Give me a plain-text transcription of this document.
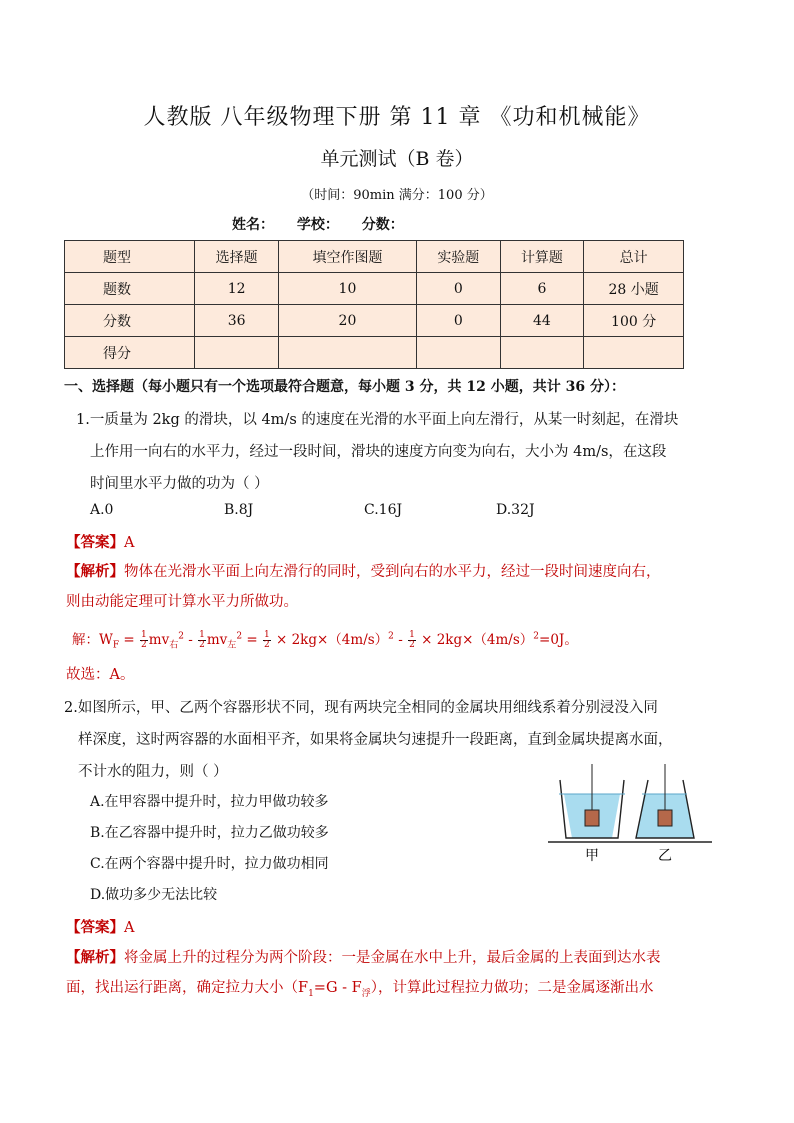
人教版 八年级物理下册 第 11 章 《功和机械能》
单元测试（B 卷）
（时间：90min 满分：100 分）
姓名： 学校： 分数：
题型	选择题	填空作图题	实验题	计算题	总计
题数	12	10	0	6	28 小题
分数	36	20	0	44	100 分
得分					
一、选择题（每小题只有一个选项最符合题意，每小题 3 分，共 12 小题，共计 36 分）：
1.一质量为 2kg 的滑块，以 4m/s 的速度在光滑的水平面上向左滑行，从某一时刻起，在滑块
上作用一向右的水平力，经过一段时间，滑块的速度方向变为向右，大小为 4m/s，在这段
时间里水平力做的功为（ ）
A.0	B.8J	C.16J	D.32J
【答案】A
【解析】物体在光滑水平面上向左滑行的同时，受到向右的水平力，经过一段时间速度向右，
则由动能定理可计算水平力所做功。
解：$W_F = \frac{1}{2} mv_右^2 - \frac{1}{2} mv_左^2 = \frac{1}{2} \times 2kg\times(4m/s)^2 - \frac{1}{2} \times 2kg\times(4m/s)^2=0J$。
故选：A。
2.如图所示，甲、乙两个容器形状不同，现有两块完全相同的金属块用细线系着分别浸没入同
样深度，这时两容器的水面相平齐，如果将金属块匀速提升一段距离，直到金属块提离水面，
不计水的阻力，则（ ）
A.在甲容器中提升时，拉力甲做功较多
B.在乙容器中提升时，拉力乙做功较多
C.在两个容器中提升时，拉力做功相同
D.做功多少无法比较
甲	乙
【答案】A
【解析】将金属上升的过程分为两个阶段：一是金属在水中上升，最后金属的上表面到达水表
面，找出运行距离，确定拉力大小$(F_1=G - F_浮)$，计算此过程拉力做功；二是金属逐渐出水
